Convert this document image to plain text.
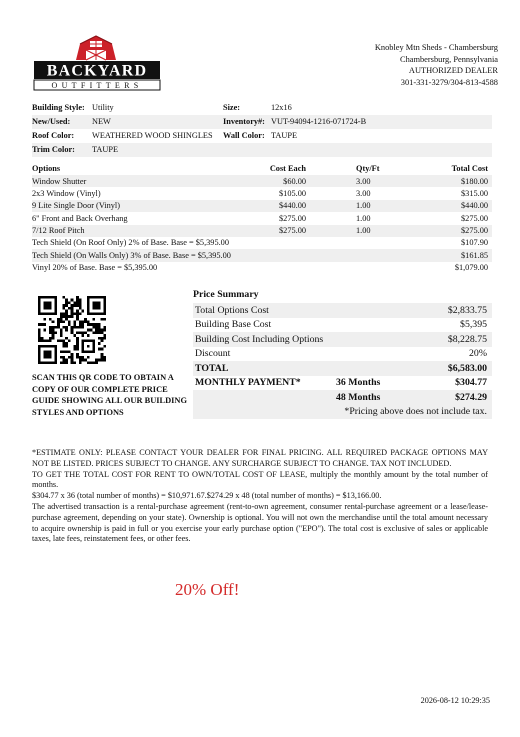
BACKYARD
OUTFITTERS
Knobley Mtn Sheds - Chambersburg
Chambersburg, Pennsylvania
AUTHORIZED DEALER
301-331-3279/304-813-4588
Building Style: Utility	Size:	12x16
New/Used:	NEW	Inventory#: VUT-94094-1216-071724-B
Roof Color: WEATHERED WOOD SHINGLES Wall Color: TAUPE
Trim Color: TAUPE
Options	Cost Each	Qty/Ft	Total Cost
Window Shutter	$60.00	3.00	$180.00
2x3 Window (Vinyl)	$105.00	3.00	$315.00
9 Lite Single Door (Vinyl)	$440.00	1.00	$440.00
6" Front and Back Overhang	$275.00	1.00	$275.00
7/12 Roof Pitch	$275.00	1.00	$275.00
Tech Shield (On Roof Only) 2% of Base. Base = $5,395.00	$107.90
Tech Shield (On Walls Only) 3% of Base. Base = $5,395.00	$161.85
Vinyl 20% of Base. Base = $5,395.00	$1,079.00
SCAN THIS QR CODE TO OBTAIN A COPY OF OUR COMPLETE PRICE GUIDE SHOWING ALL OUR BUILDING STYLES AND OPTIONS
Price Summary
Total Options Cost	$2,833.75
Building Base Cost	$5,395
Building Cost Including Options	$8,228.75
Discount	20%
TOTAL	$6,583.00
MONTHLY PAYMENT*	36 Months	$304.77
48 Months	$274.29
*Pricing above does not include tax.

*ESTIMATE ONLY: PLEASE CONTACT YOUR DEALER FOR FINAL PRICING. ALL REQUIRED PACKAGE OPTIONS MAY NOT BE LISTED. PRICES SUBJECT TO CHANGE. ANY SURCHARGE SUBJECT TO CHANGE. TAX NOT INCLUDED.

TO GET THE TOTAL COST FOR RENT TO OWN/TOTAL COST OF LEASE, multiply the monthly amount by the total number of months.

$304.77 x 36 (total number of months) = $10,971.67.$274.29 x 48 (total number of months) = $13,166.00.

The advertised transaction is a rental-purchase agreement (rent-to-own agreement, consumer rental-purchase agreement or a lease/lease-purchase agreement, depending on your state). Ownership is optional. You will not own the merchandise until the total amount necessary to acquire ownership is paid in full or you exercise your early purchase option ("EPO"). The total cost is exclusive of sales or applicable taxes, late fees, reinstatement fees, or other fees.

20% Off!
2026-08-12 10:29:35
